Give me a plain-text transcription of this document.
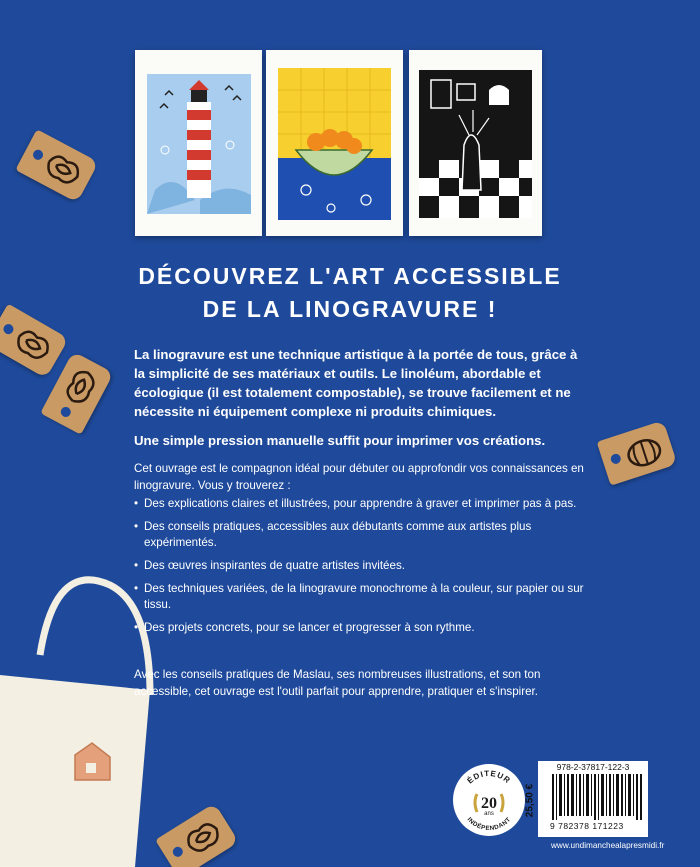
DÉCOUVREZ L'ART ACCESSIBLE
DE LA LINOGRAVURE !

La linogravure est une technique artistique à la portée de tous, grâce à la simplicité de ses matériaux et outils. Le linoléum, abordable et écologique (il est totalement compostable), se trouve facilement et ne nécessite ni équipement complexe ni produits chimiques.

Une simple pression manuelle suffit pour imprimer vos créations.

Cet ouvrage est le compagnon idéal pour débuter ou approfondir vos connaissances en linogravure. Vous y trouverez :

• Des explications claires et illustrées, pour apprendre à graver et imprimer pas à pas.
• Des conseils pratiques, accessibles aux débutants comme aux artistes plus expérimentés.
• Des œuvres inspirantes de quatre artistes invitées.
• Des techniques variées, de la linogravure monochrome à la couleur, sur papier ou sur tissu.
• Des projets concrets, pour se lancer et progresser à son rythme.
Avec les conseils pratiques de Maslau, ses nombreuses illustrations, et son ton accessible, cet ouvrage est l'outil parfait pour apprendre, pratiquer et s'inspirer.
ÉDITEUR
INDÉPENDANT
20
ans
978-2-37817-122-3
25,50 €
9 782378 171223
www.undimanchealapresmidi.fr
